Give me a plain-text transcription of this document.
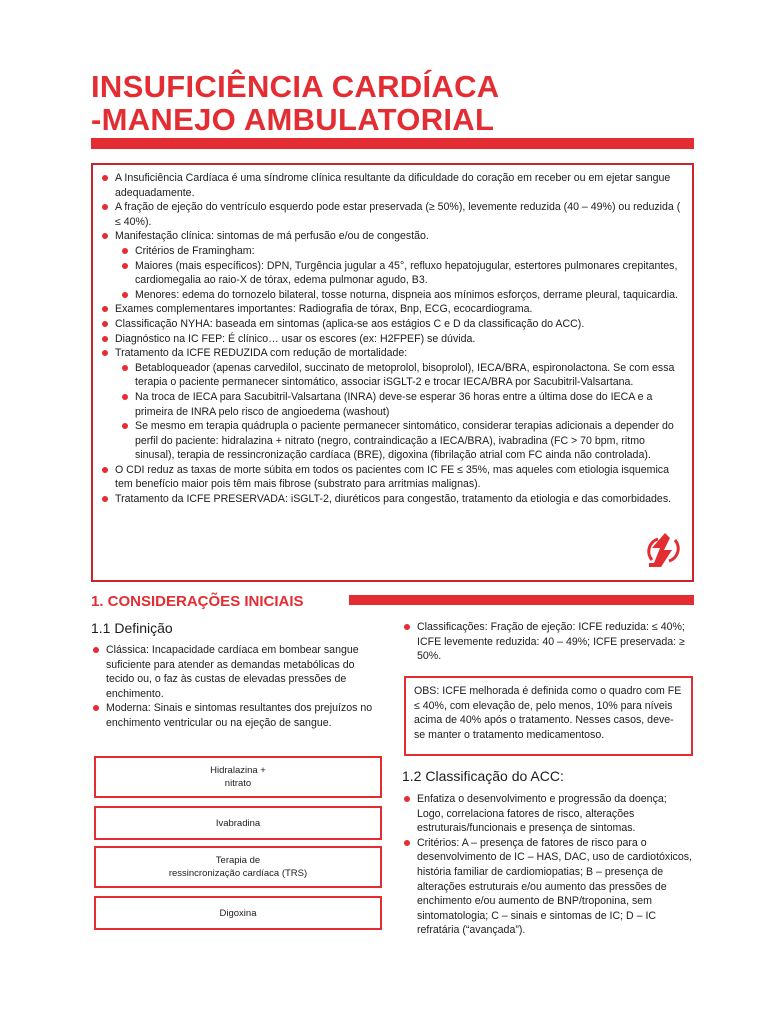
INSUFICIÊNCIA CARDÍACA
-MANEJO AMBULATORIAL
A Insuficiência Cardíaca é uma síndrome clínica resultante da dificuldade do coração em receber ou em ejetar sangue adequadamente.
A fração de ejeção do ventrículo esquerdo pode estar preservada (≥ 50%), levemente reduzida (40 – 49%) ou reduzida ( ≤ 40%).
Manifestação clínica: sintomas de má perfusão e/ou de congestão.
Critérios de Framingham:
Maiores (mais específicos): DPN, Turgência jugular a 45°, refluxo hepatojugular, estertores pulmonares crepitantes, cardiomegalia ao raio-X de tórax, edema pulmonar agudo, B3.
Menores: edema do tornozelo bilateral, tosse noturna, dispneia aos mínimos esforços, derrame pleural, taquicardia.
Exames complementares importantes: Radiografia de tórax, Bnp, ECG, ecocardiograma.
Classificação NYHA: baseada em sintomas (aplica-se aos estágios C e D da classificação do ACC).
Diagnóstico na IC FEP: É clínico… usar os escores (ex: H2FPEF) se dúvida.
Tratamento da ICFE REDUZIDA com redução de mortalidade:
Betabloqueador (apenas carvedilol, succinato de metoprolol, bisoprolol), IECA/BRA, espironolactona. Se com essa terapia o paciente permanecer sintomático, associar iSGLT-2 e trocar IECA/BRA por Sacubitril-Valsartana.
Na troca de IECA para Sacubitril-Valsartana (INRA) deve-se esperar 36 horas entre a última dose do IECA e a primeira de INRA pelo risco de angioedema (washout)
Se mesmo em terapia quádrupla o paciente permanecer sintomático, considerar terapias adicionais a depender do perfil do paciente: hidralazina + nitrato (negro, contraindicação a IECA/BRA), ivabradina (FC > 70 bpm, ritmo sinusal), terapia de ressincronização cardíaca (BRE), digoxina (fibrilação atrial com FC ainda não controlada).
O CDI reduz as taxas de morte súbita em todos os pacientes com IC FE ≤ 35%, mas aqueles com etiologia isquemica tem benefício maior pois têm mais fibrose (substrato para arritmias malignas).
Tratamento da ICFE PRESERVADA: iSGLT-2, diuréticos para congestão, tratamento da etiologia e das comorbidades.
1. CONSIDERAÇÕES INICIAIS
1.1 Definição
Clássica: Incapacidade cardíaca em bombear sangue suficiente para atender as demandas metabólicas do tecido ou, o faz às custas de elevadas pressões de enchimento.
Moderna: Sinais e sintomas resultantes dos prejuízos no enchimento ventricular ou na ejeção de sangue.
Hidralazina +
nitrato
Ivabradina
Terapia de
ressincronização cardíaca (TRS)
Digoxina
Classificações: Fração de ejeção: ICFE reduzida: ≤ 40%; ICFE levemente reduzida: 40 – 49%; ICFE preservada: ≥ 50%.
OBS: ICFE melhorada é definida como o quadro com FE ≤ 40%, com elevação de, pelo menos, 10% para níveis acima de 40% após o tratamento. Nesses casos, deve-se manter o tratamento medicamentoso.
1.2 Classificação do ACC:
Enfatiza o desenvolvimento e progressão da doença; Logo, correlaciona fatores de risco, alterações estruturais/funcionais e presença de sintomas.
Critérios: A – presença de fatores de risco para o desenvolvimento de IC – HAS, DAC, uso de cardiotóxicos, história familiar de cardiomiopatias; B – presença de alterações estruturais e/ou aumento das pressões de enchimento e/ou aumento de BNP/troponina, sem sintomatologia; C – sinais e sintomas de IC; D – IC refratária (“avançada”).
